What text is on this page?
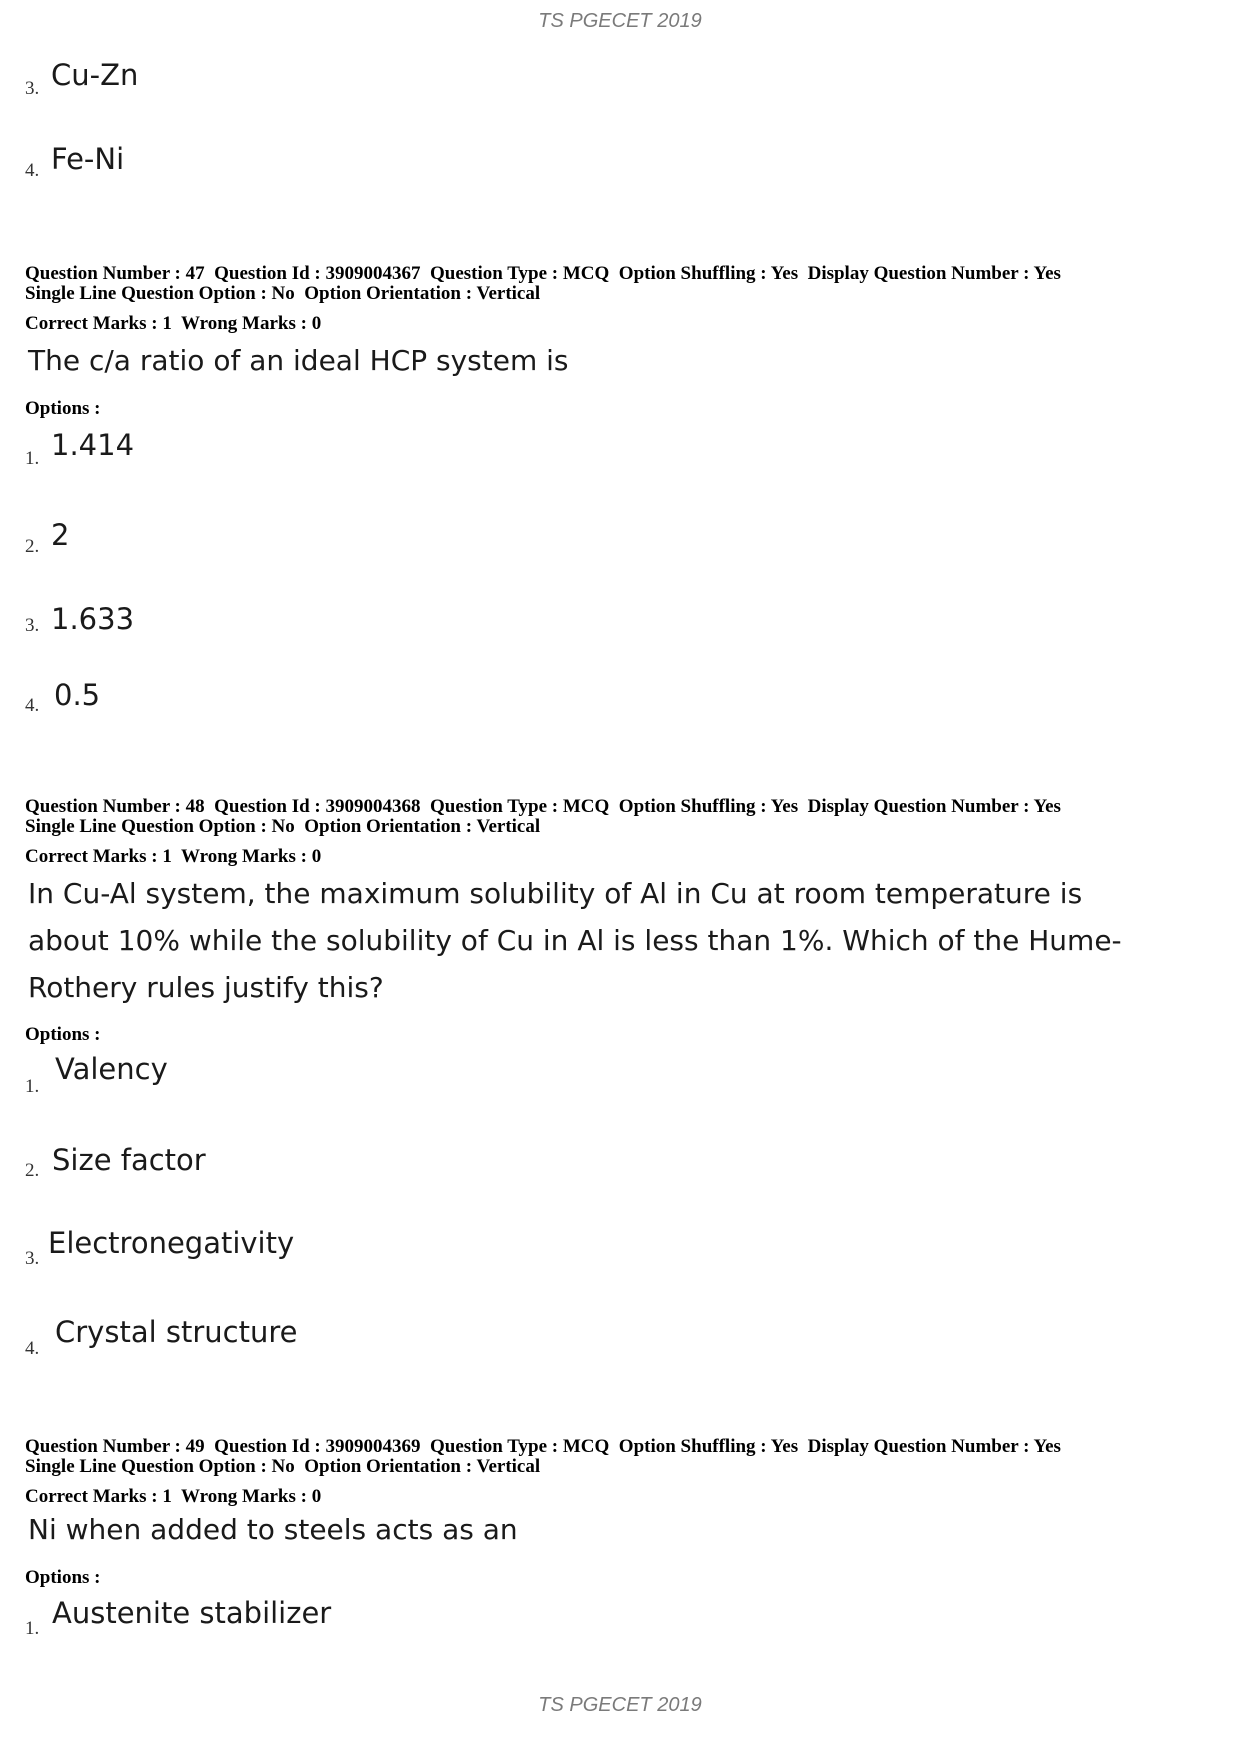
TS PGECET 2019
3. Cu-Zn
4. Fe-Ni
Question Number : 47  Question Id : 3909004367  Question Type : MCQ  Option Shuffling : Yes  Display Question Number : Yes
Single Line Question Option : No  Option Orientation : Vertical
Correct Marks : 1  Wrong Marks : 0
The c/a ratio of an ideal HCP system is
Options :
1. 1.414
2. 2
3. 1.633
4. 0.5
Question Number : 48  Question Id : 3909004368  Question Type : MCQ  Option Shuffling : Yes  Display Question Number : Yes
Single Line Question Option : No  Option Orientation : Vertical
Correct Marks : 1  Wrong Marks : 0
In Cu-Al system, the maximum solubility of Al in Cu at room temperature is about 10% while the solubility of Cu in Al is less than 1%. Which of the Hume-Rothery rules justify this?
Options :
1.
Valency
2. Size factor
3. Electronegativity
4. Crystal structure
Question Number : 49  Question Id : 3909004369  Question Type : MCQ  Option Shuffling : Yes  Display Question Number : Yes
Single Line Question Option : No  Option Orientation : Vertical
Correct Marks : 1  Wrong Marks : 0
Ni when added to steels acts as an
Options :
1. Austenite stabilizer
TS PGECET 2019
